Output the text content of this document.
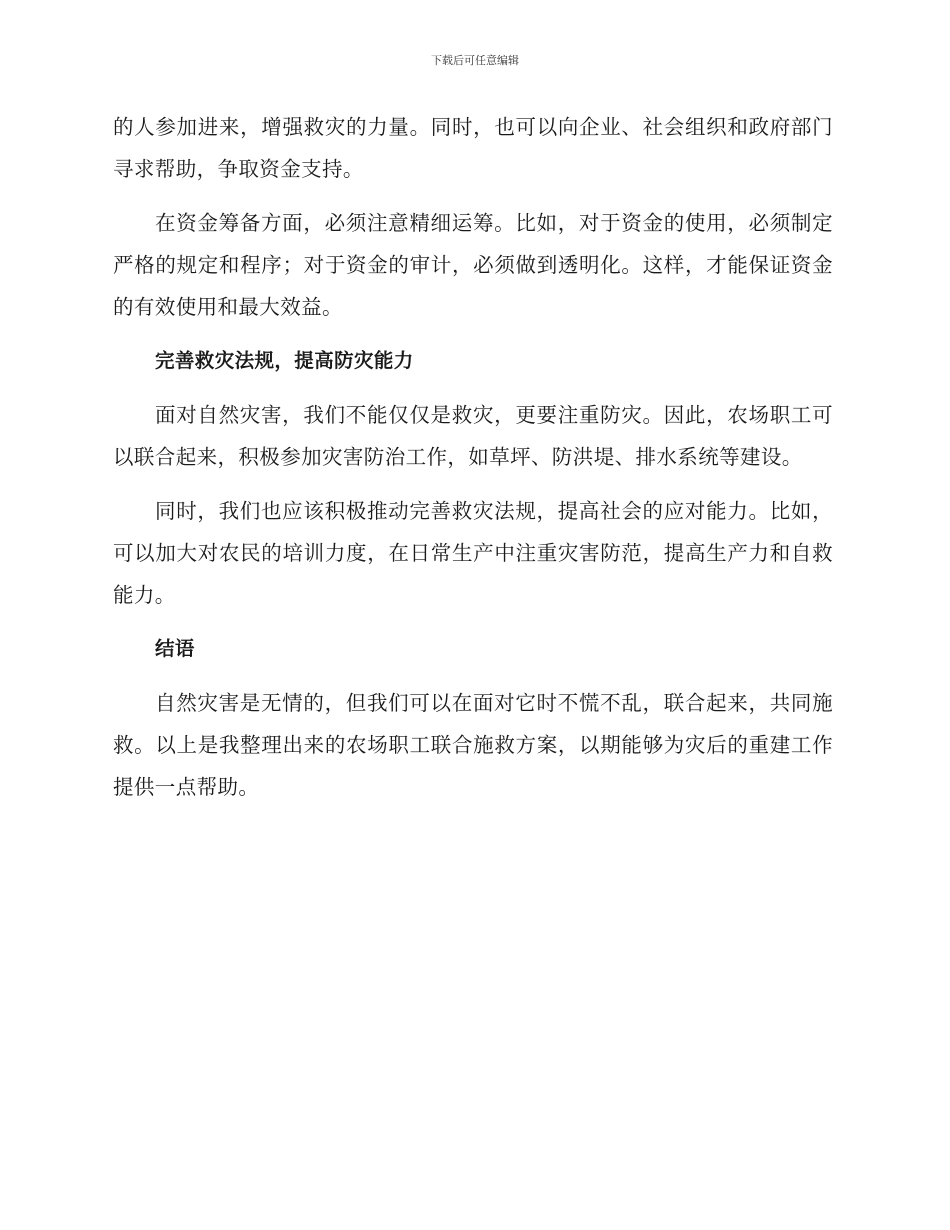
下载后可任意编辑

的人参加进来，增强救灾的力量。同时，也可以向企业、社会组织和政府部门寻求帮助，争取资金支持。

在资金筹备方面，必须注意精细运筹。比如，对于资金的使用，必须制定严格的规定和程序；对于资金的审计，必须做到透明化。这样，才能保证资金的有效使用和最大效益。

完善救灾法规，提高防灾能力

面对自然灾害，我们不能仅仅是救灾，更要注重防灾。因此，农场职工可以联合起来，积极参加灾害防治工作，如草坪、防洪堤、排水系统等建设。

同时，我们也应该积极推动完善救灾法规，提高社会的应对能力。比如，可以加大对农民的培训力度，在日常生产中注重灾害防范，提高生产力和自救能力。

结语

自然灾害是无情的，但我们可以在面对它时不慌不乱，联合起来，共同施救。以上是我整理出来的农场职工联合施救方案，以期能够为灾后的重建工作提供一点帮助。
